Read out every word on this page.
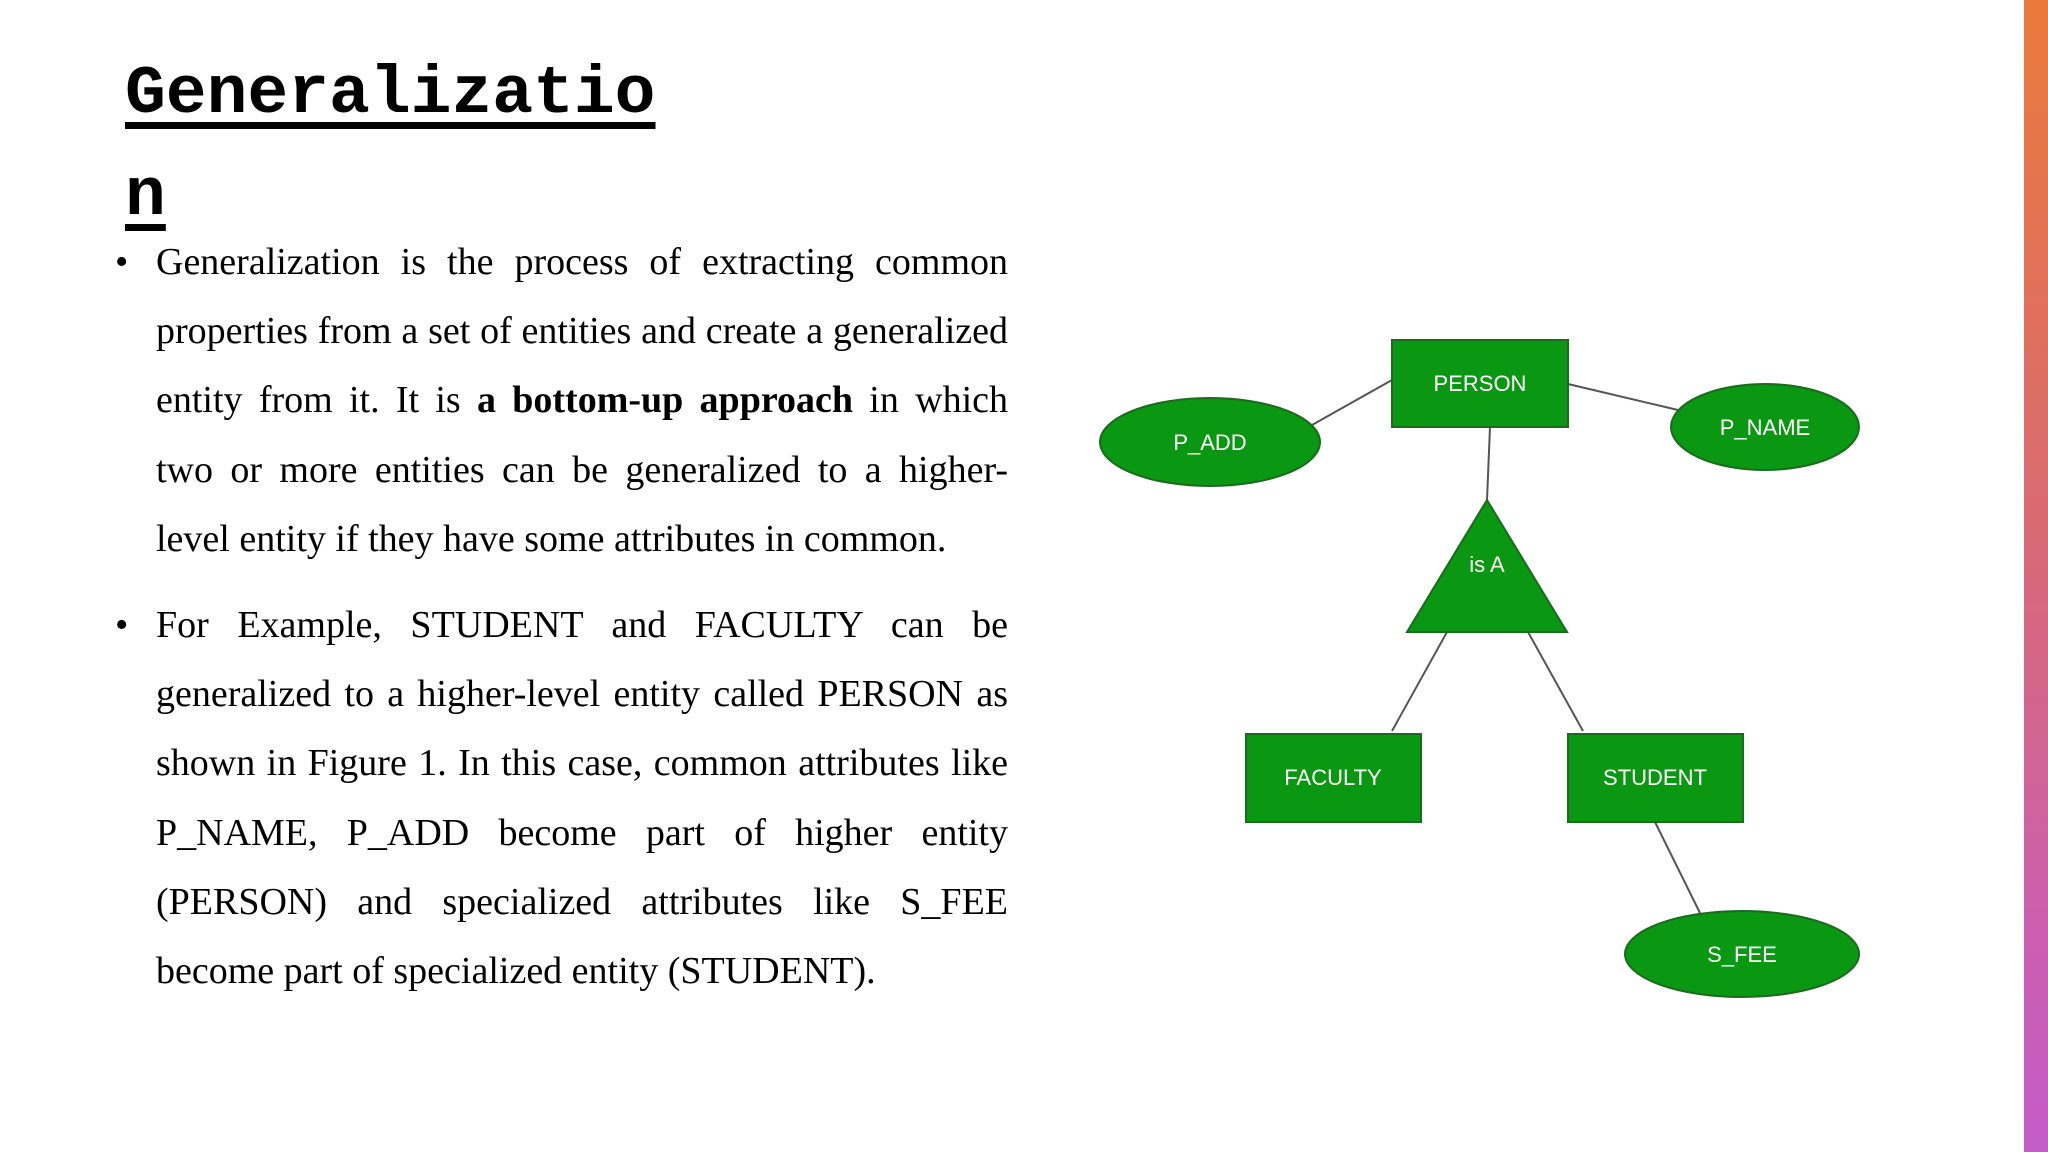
Generalization
• Generalization is the process of extracting common properties from a set of entities and create a generalized entity from it. It is a bottom-up approach in which two or more entities can be generalized to a higher-level entity if they have some attributes in common.
• For Example, STUDENT and FACULTY can be generalized to a higher-level entity called PERSON as shown in Figure 1. In this case, common attributes like P_NAME, P_ADD become part of higher entity (PERSON) and specialized attributes like S_FEE become part of specialized entity (STUDENT).
PERSON
P_ADD
P_NAME
is A
FACULTY	STUDENT
S_FEE
